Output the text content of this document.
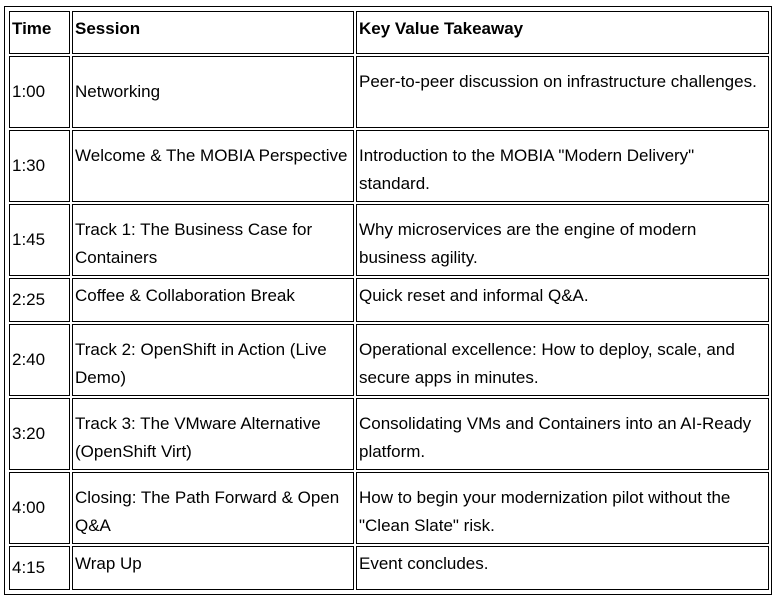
Time	Session	Key Value Takeaway
1:00	Networking	Peer-to-peer discussion on infrastructure challenges.
1:30	Welcome & The MOBIA Perspective	Introduction to the MOBIA "Modern Delivery" standard.
1:45	Track 1: The Business Case for Containers	Why microservices are the engine of modern business agility.
2:25	Coffee & Collaboration Break	Quick reset and informal Q&A.
2:40	Track 2: OpenShift in Action (Live Demo)	Operational excellence: How to deploy, scale, and secure apps in minutes.
3:20	Track 3: The VMware Alternative (OpenShift Virt)	Consolidating VMs and Containers into an AI-Ready platform.
4:00	Closing: The Path Forward & Open Q&A	How to begin your modernization pilot without the "Clean Slate" risk.
4:15	Wrap Up	Event concludes.
